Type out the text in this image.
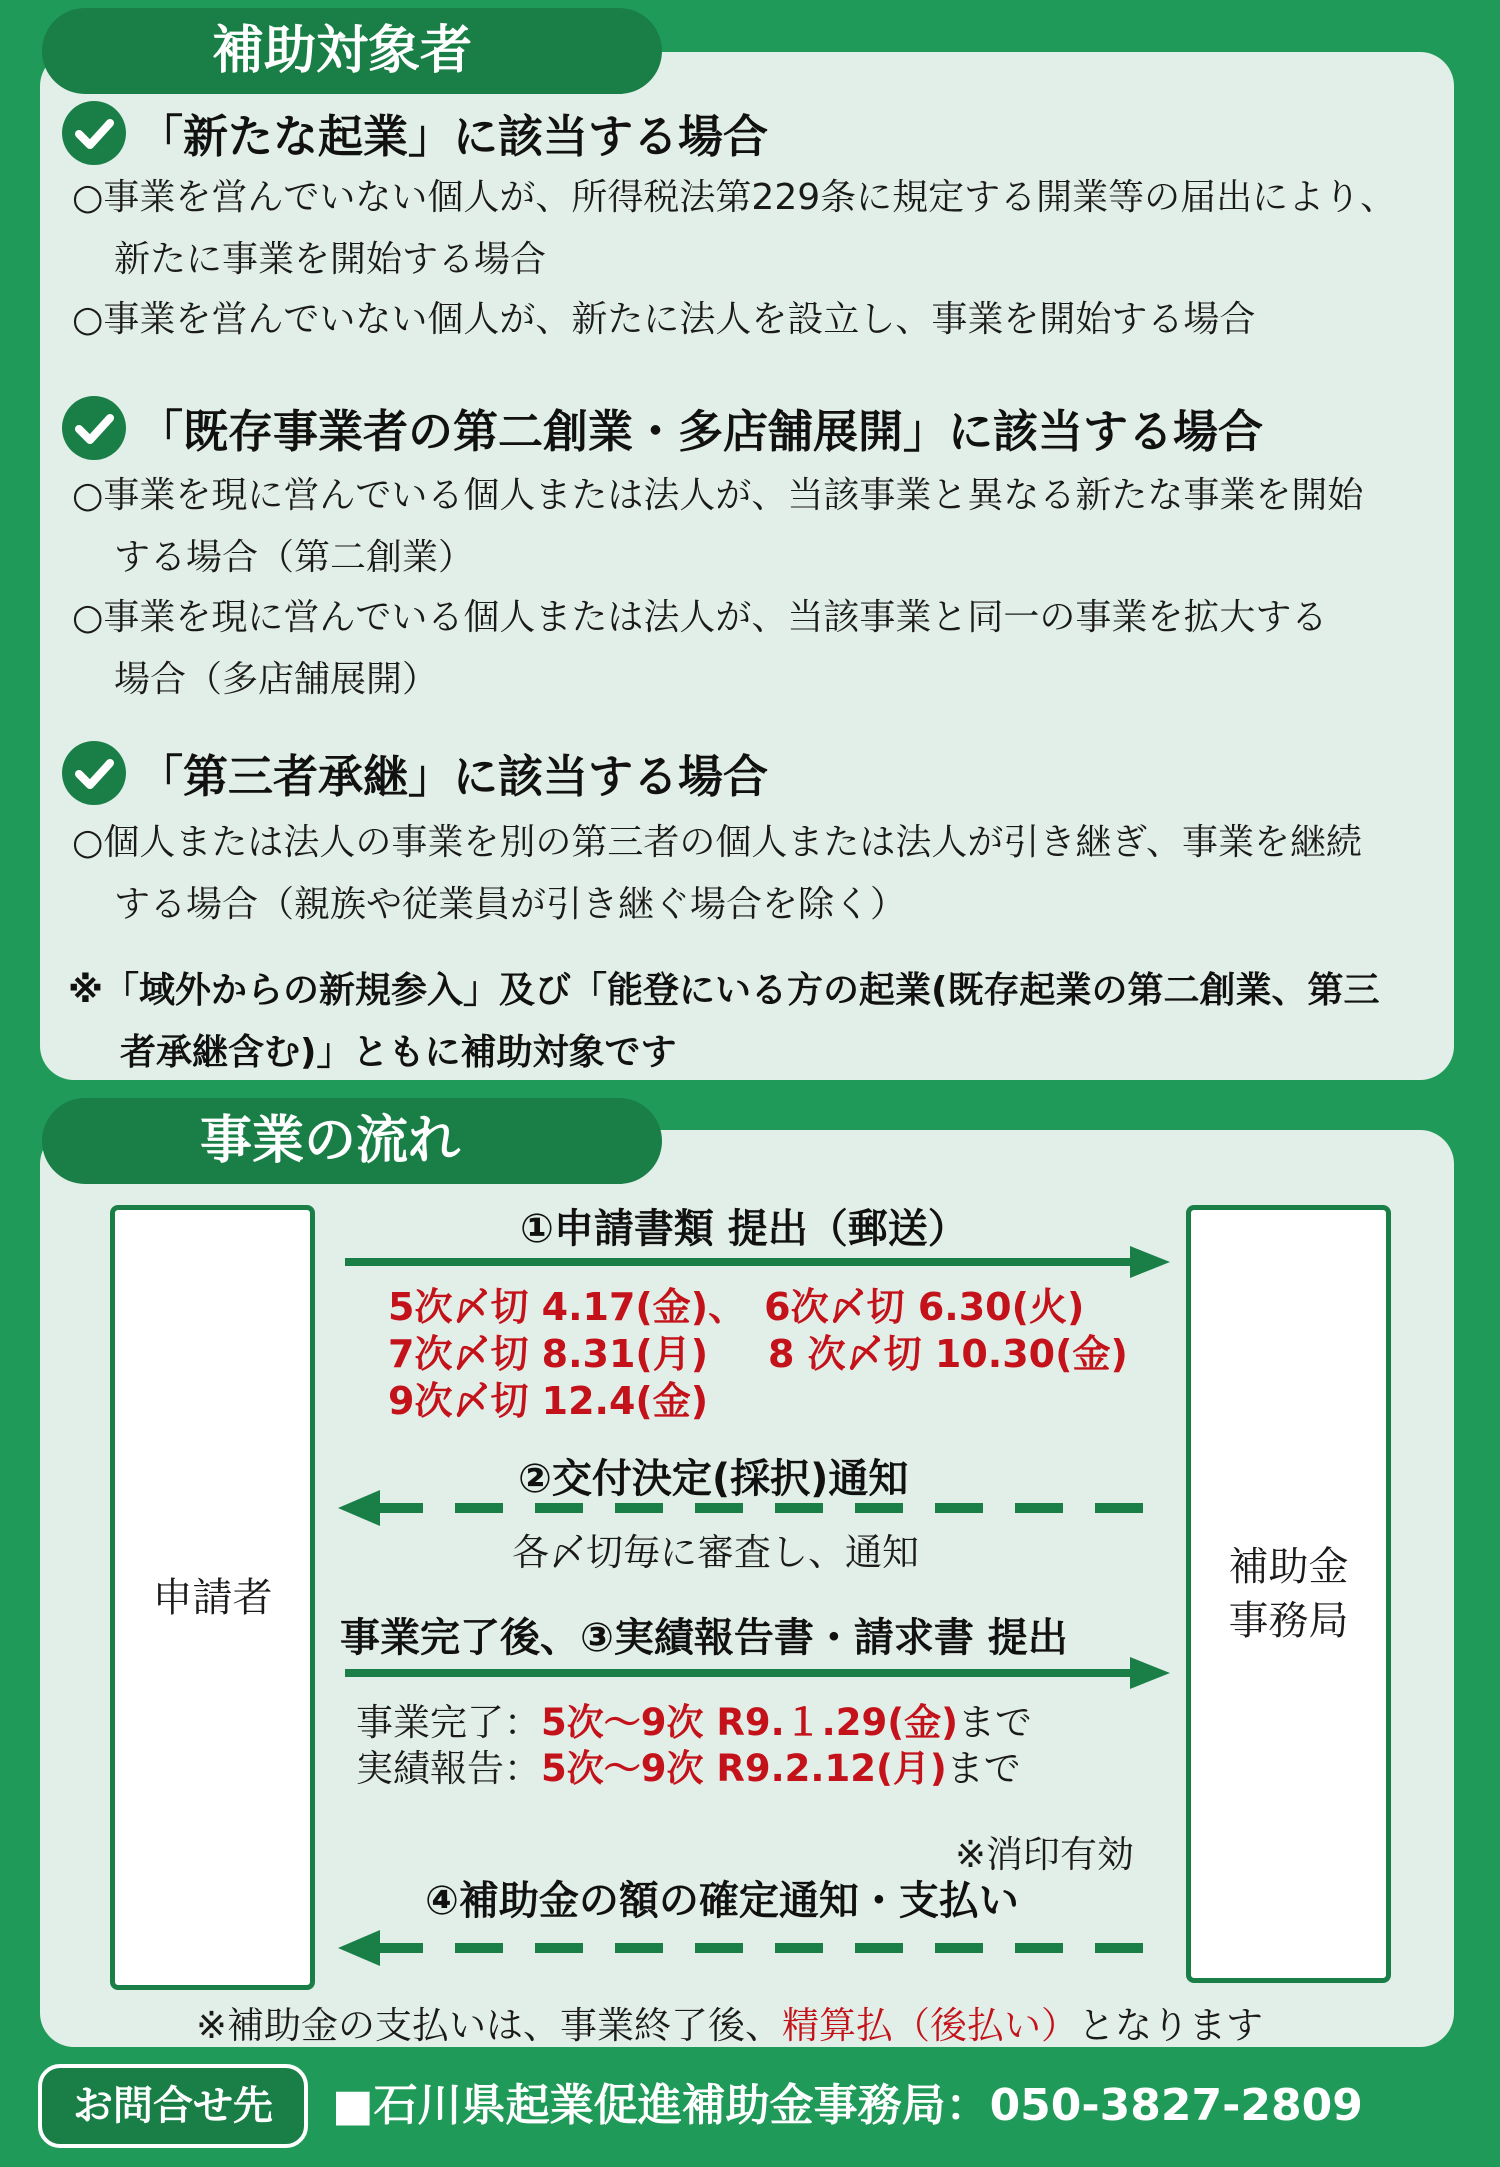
補助対象者
「新たな起業」に該当する場合
○事業を営んでいない個人が、所得税法第229条に規定する開業等の届出により、
新たに事業を開始する場合
○事業を営んでいない個人が、新たに法人を設立し、事業を開始する場合
「既存事業者の第二創業・多店舗展開」に該当する場合
○事業を現に営んでいる個人または法人が、当該事業と異なる新たな事業を開始
する場合（第二創業）
○事業を現に営んでいる個人または法人が、当該事業と同一の事業を拡大する
場合（多店舗展開）
「第三者承継」に該当する場合
○個人または法人の事業を別の第三者の個人または法人が引き継ぎ、事業を継続
する場合（親族や従業員が引き継ぐ場合を除く）
※「域外からの新規参入」及び「能登にいる方の起業(既存起業の第二創業、第三
者承継含む)」ともに補助対象です
事業の流れ
申請者
補助金
事務局
①申請書類 提出（郵送）
5次〆切 4.17(金)、 6次〆切 6.30(火)
7次〆切 8.31(月) 8 次〆切 10.30(金)
9次〆切 12.4(金)
②交付決定(採択)通知
各〆切毎に審査し、通知
事業完了後、③実績報告書・請求書 提出
事業完了：5次～9次 R9.１.29(金)まで
実績報告：5次～9次 R9.2.12(月)まで
※消印有効
④補助金の額の確定通知・支払い
※補助金の支払いは、事業終了後、精算払（後払い）となります
お問合せ先	■石川県起業促進補助金事務局：050-3827-2809
